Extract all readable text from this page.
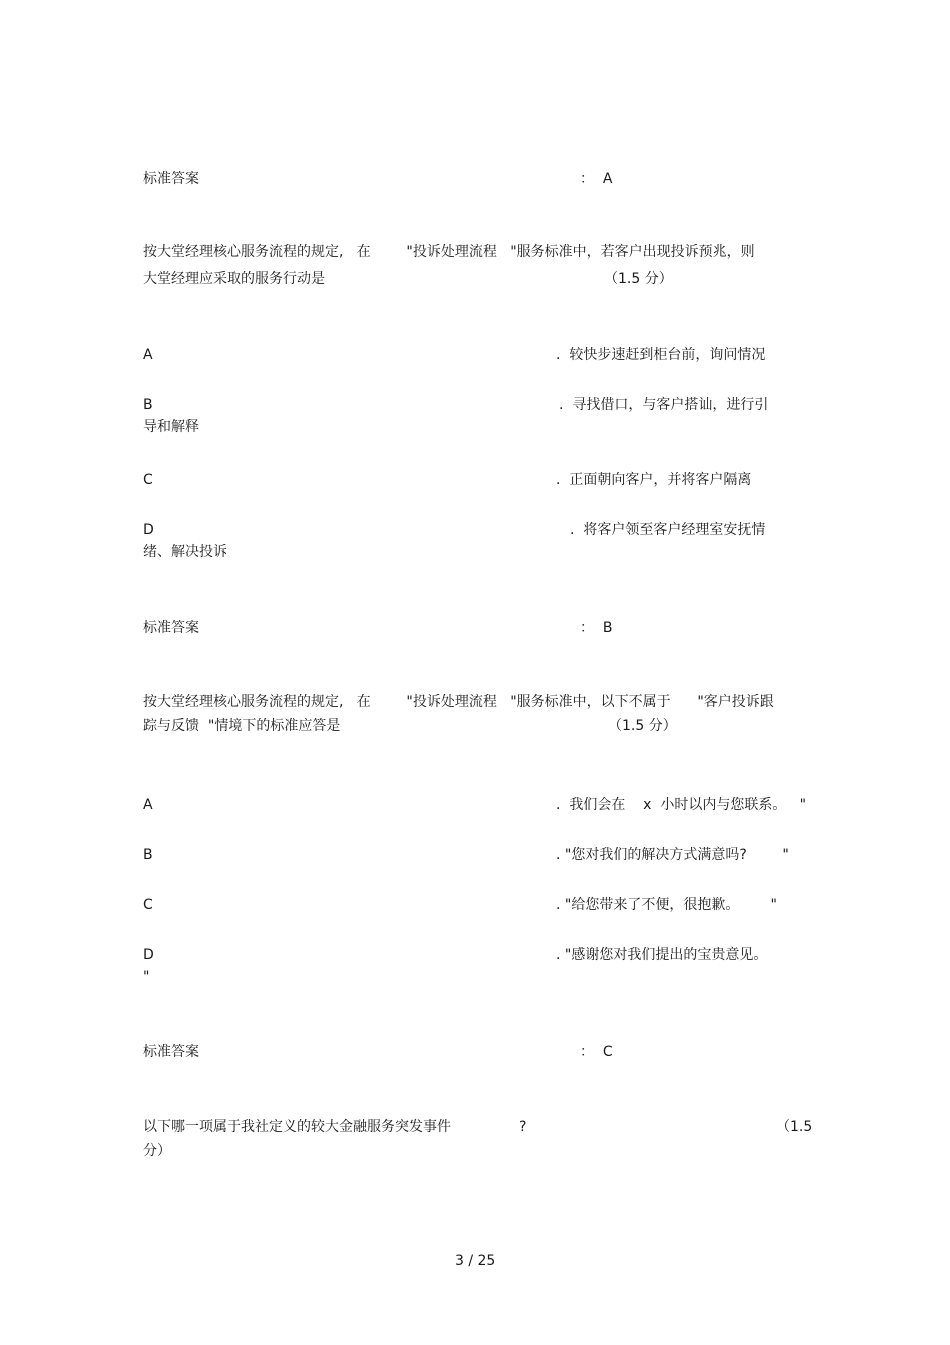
标准答案	：  A
按大堂经理核心服务流程的规定,   在        "投诉处理流程   "服务标准中，若客户出现投诉预兆，则
大堂经理应采取的服务行动是	（1.5 分）
A	.  较快步速赶到柜台前，询问情况
B	.  寻找借口，与客户搭讪，进行引
导和解释
C	.  正面朝向客户，并将客户隔离
D	.  将客户领至客户经理室安抚情
绪、解决投诉
标准答案	：  B
按大堂经理核心服务流程的规定,   在        "投诉处理流程   "服务标准中，以下不属于      "客户投诉跟
踪与反馈  "情境下的标准应答是	（1.5 分）
A	.  我们会在    x  小时以内与您联系。   "
B	. "您对我们的解决方式满意吗?        "
C	. "给您带来了不便，很抱歉。       "
D	. "感谢您对我们提出的宝贵意见。
"
标准答案	：  C
以下哪一项属于我社定义的较大金融服务突发事件	?	（1.5
分）
3 / 25
